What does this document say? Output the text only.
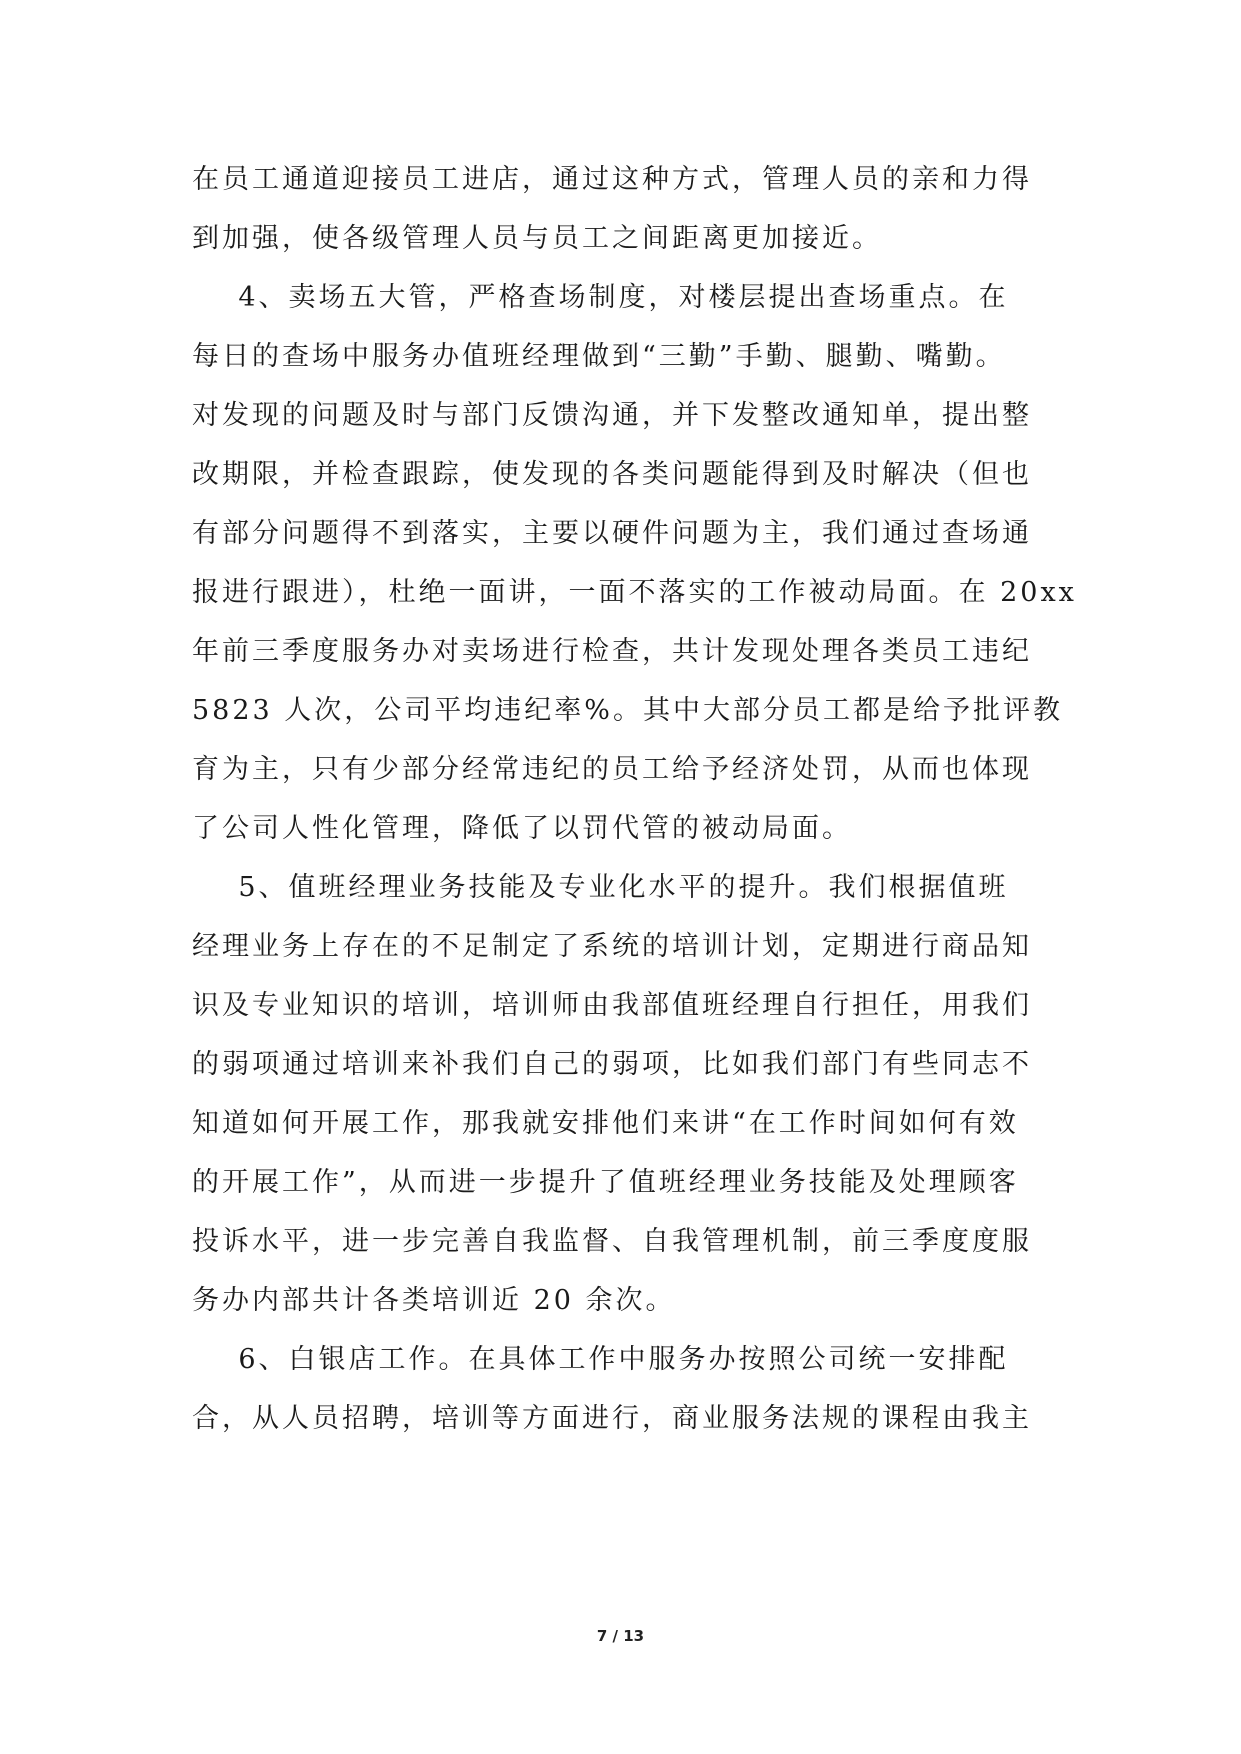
在员工通道迎接员工进店，通过这种方式，管理人员的亲和力得
到加强，使各级管理人员与员工之间距离更加接近。
4、卖场五大管，严格查场制度，对楼层提出查场重点。在
每日的查场中服务办值班经理做到“三勤”手勤、腿勤、嘴勤。
对发现的问题及时与部门反馈沟通，并下发整改通知单，提出整
改期限，并检查跟踪，使发现的各类问题能得到及时解决（但也
有部分问题得不到落实，主要以硬件问题为主，我们通过查场通
报进行跟进），杜绝一面讲，一面不落实的工作被动局面。在 20xx
年前三季度服务办对卖场进行检查，共计发现处理各类员工违纪
5823 人次，公司平均违纪率%。其中大部分员工都是给予批评教
育为主，只有少部分经常违纪的员工给予经济处罚，从而也体现
了公司人性化管理，降低了以罚代管的被动局面。
5、值班经理业务技能及专业化水平的提升。我们根据值班
经理业务上存在的不足制定了系统的培训计划，定期进行商品知
识及专业知识的培训，培训师由我部值班经理自行担任，用我们
的弱项通过培训来补我们自己的弱项，比如我们部门有些同志不
知道如何开展工作，那我就安排他们来讲“在工作时间如何有效
的开展工作”，从而进一步提升了值班经理业务技能及处理顾客
投诉水平，进一步完善自我监督、自我管理机制，前三季度度服
务办内部共计各类培训近 20 余次。
6、白银店工作。在具体工作中服务办按照公司统一安排配
合，从人员招聘，培训等方面进行，商业服务法规的课程由我主
7 / 13
